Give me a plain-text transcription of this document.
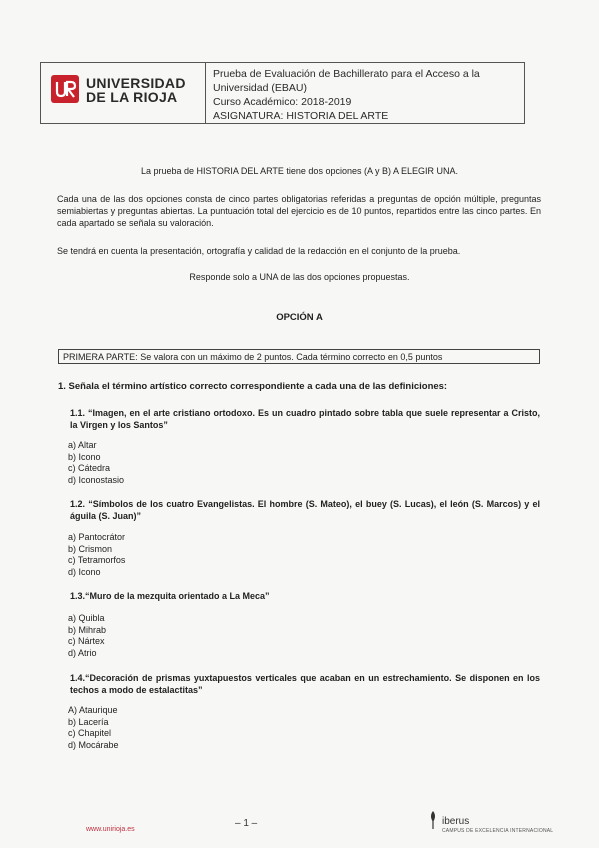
UNIVERSIDAD
DE LA RIOJA
Prueba de Evaluación de Bachillerato para el Acceso a la
Universidad (EBAU)
Curso Académico: 2018-2019
ASIGNATURA: HISTORIA DEL ARTE
La prueba de HISTORIA DEL ARTE tiene dos opciones (A y B) A ELEGIR UNA.
Cada una de las dos opciones consta de cinco partes obligatorias referidas a preguntas de opción múltiple, preguntas semiabiertas y preguntas abiertas. La puntuación total del ejercicio es de 10 puntos, repartidos entre las cinco partes. En cada apartado se señala su valoración.
Se tendrá en cuenta la presentación, ortografía y calidad de la redacción en el conjunto de la prueba.
Responde solo a UNA de las dos opciones propuestas.
OPCIÓN A
PRIMERA PARTE: Se valora con un máximo de 2 puntos. Cada término correcto en 0,5 puntos
1. Señala el término artístico correcto correspondiente a cada una de las definiciones:
1.1. “Imagen, en el arte cristiano ortodoxo. Es un cuadro pintado sobre tabla que suele representar a Cristo, la Virgen y los Santos”
a) Altar
b) Icono
c) Cátedra
d) Iconostasio
1.2. “Símbolos de los cuatro Evangelistas. El hombre (S. Mateo), el buey (S. Lucas), el león (S. Marcos) y el águila (S. Juan)”
a) Pantocrátor
b) Crismon
c) Tetramorfos
d) Icono
1.3.“Muro de la mezquita orientado a La Meca”
a) Quibla
b) Mihrab
c) Nártex
d) Atrio
1.4.“Decoración de prismas yuxtapuestos verticales que acaban en un estrechamiento. Se disponen en los techos a modo de estalactitas”
A) Ataurique
b) Lacería
c) Chapitel
d) Mocárabe
www.unirioja.es
– 1 –	iberus
CAMPUS DE EXCELENCIA INTERNACIONAL
